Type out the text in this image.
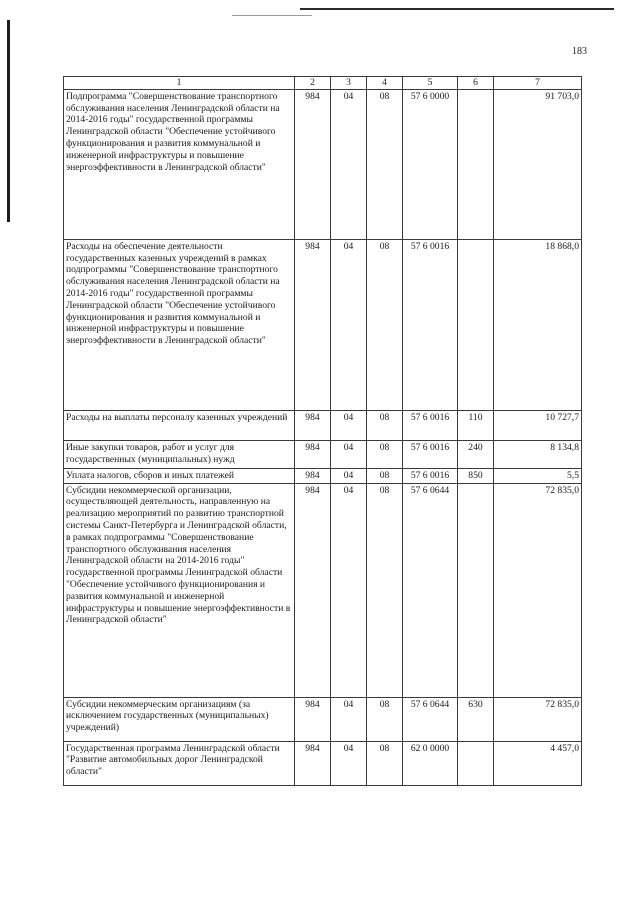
183
1	2	3	4	5	6	7
Подпрограмма "Совершенствование транспортного обслуживания населения Ленинградской области на 2014-2016 годы" государственной программы Ленинградской области "Обеспечение устойчивого функционирования и развития коммунальной и инженерной инфраструктуры и повышение энергоэффективности в Ленинградской области"	984	04	08	57 6 0000		91 703,0
Расходы на обеспечение деятельности государственных казенных учреждений в рамках подпрограммы "Совершенствование транспортного обслуживания населения Ленинградской области на 2014-2016 годы" государственной программы Ленинградской области "Обеспечение устойчивого функционирования и развития коммунальной и инженерной инфраструктуры и повышение энергоэффективности в Ленинградской области"	984	04	08	57 6 0016		18 868,0
Расходы на выплаты персоналу казенных учреждений	984	04	08	57 6 0016	110	10 727,7
Иные закупки товаров, работ и услуг для государственных (муниципальных) нужд	984	04	08	57 6 0016	240	8 134,8
Уплата налогов, сборов и иных платежей	984	04	08	57 6 0016	850	5,5
Субсидии некоммерческой организации, осуществляющей деятельность, направленную на реализацию мероприятий по развитию транспортной системы Санкт-Петербурга и Ленинградской области, в рамках подпрограммы "Совершенствование транспортного обслуживания населения Ленинградской области на 2014-2016 годы" государственной программы Ленинградской области "Обеспечение устойчивого функционирования и развития коммунальной и инженерной инфраструктуры и повышение энергоэффективности в Ленинградской области"	984	04	08	57 6 0644		72 835,0
Субсидии некоммерческим организациям (за исключением государственных (муниципальных) учреждений)	984	04	08	57 6 0644	630	72 835,0
Государственная программа Ленинградской области "Развитие автомобильных дорог Ленинградской области"	984	04	08	62 0 0000		4 457,0
